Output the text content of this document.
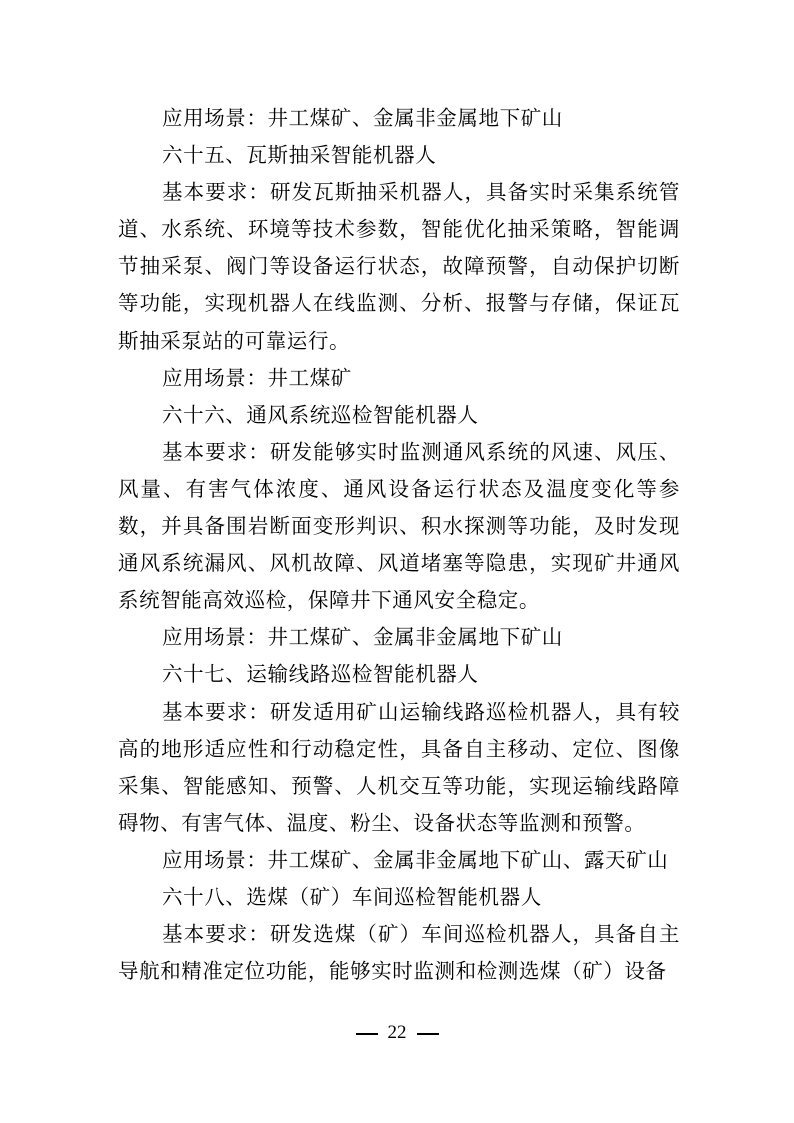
应用场景：井工煤矿、金属非金属地下矿山

六十五、瓦斯抽采智能机器人

基本要求：研发瓦斯抽采机器人，具备实时采集系统管道、水系统、环境等技术参数，智能优化抽采策略，智能调节抽采泵、阀门等设备运行状态，故障预警，自动保护切断等功能，实现机器人在线监测、分析、报警与存储，保证瓦斯抽采泵站的可靠运行。

应用场景：井工煤矿

六十六、通风系统巡检智能机器人

基本要求：研发能够实时监测通风系统的风速、风压、风量、有害气体浓度、通风设备运行状态及温度变化等参数，并具备围岩断面变形判识、积水探测等功能，及时发现通风系统漏风、风机故障、风道堵塞等隐患，实现矿井通风系统智能高效巡检，保障井下通风安全稳定。

应用场景：井工煤矿、金属非金属地下矿山

六十七、运输线路巡检智能机器人

基本要求：研发适用矿山运输线路巡检机器人，具有较高的地形适应性和行动稳定性，具备自主移动、定位、图像采集、智能感知、预警、人机交互等功能，实现运输线路障碍物、有害气体、温度、粉尘、设备状态等监测和预警。

应用场景：井工煤矿、金属非金属地下矿山、露天矿山

六十八、选煤（矿）车间巡检智能机器人

基本要求：研发选煤（矿）车间巡检机器人，具备自主导航和精准定位功能，能够实时监测和检测选煤（矿）设备

22
